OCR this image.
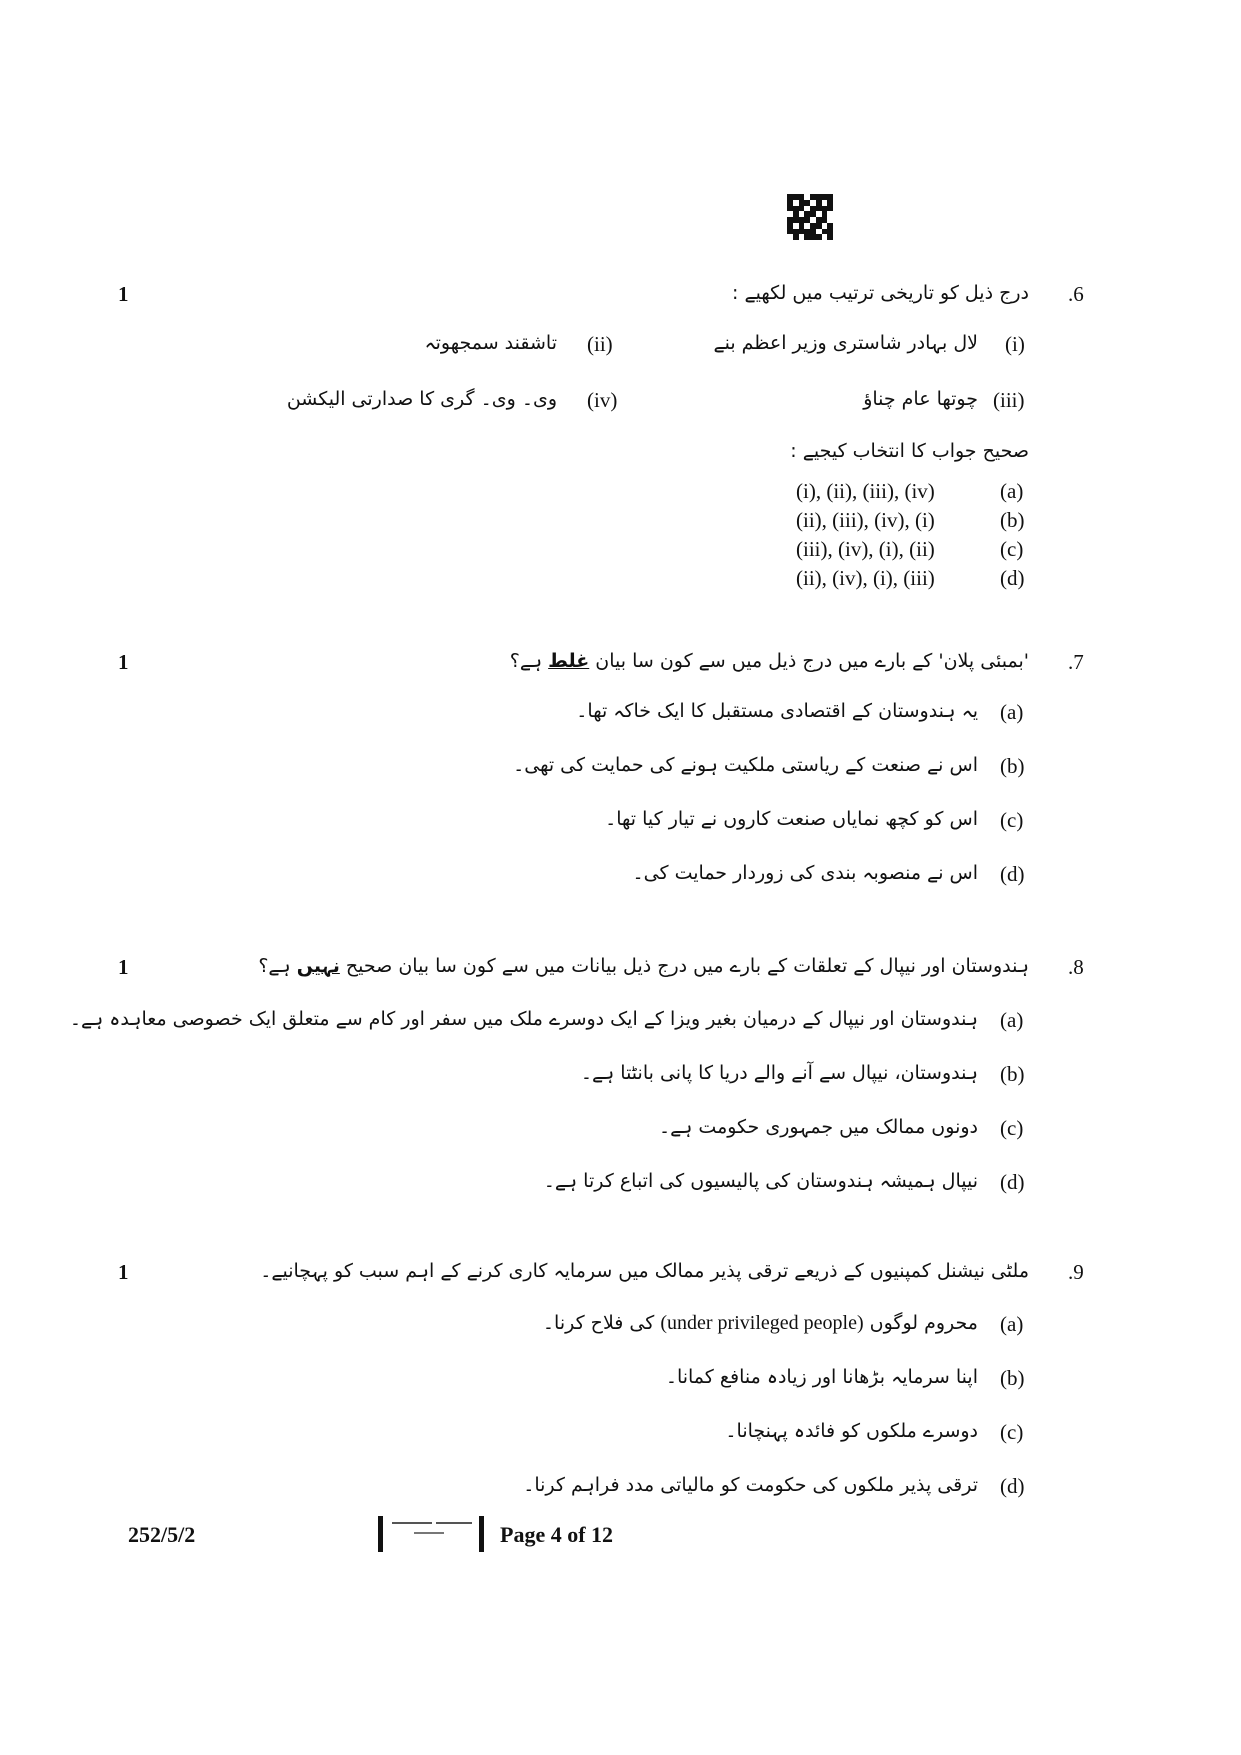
1	.6
درج ذیل کو تاریخی ترتیب میں لکھیے :
(i)
لال بہادر شاستری وزیر اعظم بنے
(ii)
تاشقند سمجھوتہ
(iii)
چوتھا عام چناؤ
(iv)
وی۔ وی۔ گری کا صدارتی الیکشن
صحیح جواب کا انتخاب کیجیے :
(i), (ii), (iii), (iv)	(a)
(ii), (iii), (iv), (i)	(b)
(iii), (iv), (i), (ii)	(c)
(ii), (iv), (i), (iii)	(d)
1	.7
'بمبئی پلان' کے بارے میں درج ذیل میں سے کون سا بیان غلط ہے؟
(a)
یہ ہندوستان کے اقتصادی مستقبل کا ایک خاکہ تھا۔
(b)
اس نے صنعت کے ریاستی ملکیت ہونے کی حمایت کی تھی۔
(c)
اس کو کچھ نمایاں صنعت کاروں نے تیار کیا تھا۔
(d)
اس نے منصوبہ بندی کی زوردار حمایت کی۔
1	.8
ہندوستان اور نیپال کے تعلقات کے بارے میں درج ذیل بیانات میں سے کون سا بیان صحیح نہیں ہے؟
(a)
ہندوستان اور نیپال کے درمیان بغیر ویزا کے ایک دوسرے ملک میں سفر اور کام سے متعلق ایک خصوصی معاہدہ ہے۔
(b)
ہندوستان، نیپال سے آنے والے دریا کا پانی بانٹتا ہے۔
(c)
دونوں ممالک میں جمہوری حکومت ہے۔
(d)
نیپال ہمیشہ ہندوستان کی پالیسیوں کی اتباع کرتا ہے۔
1	.9
ملٹی نیشنل کمپنیوں کے ذریعے ترقی پذیر ممالک میں سرمایہ کاری کرنے کے اہم سبب کو پہچانیے۔
(a)
محروم لوگوں (under privileged people) کی فلاح کرنا۔
(b)
اپنا سرمایہ بڑھانا اور زیادہ منافع کمانا۔
(c)
دوسرے ملکوں کو فائدہ پہنچانا۔
(d)
ترقی پذیر ملکوں کی حکومت کو مالیاتی مدد فراہم کرنا۔
252/5/2	Page 4 of 12
